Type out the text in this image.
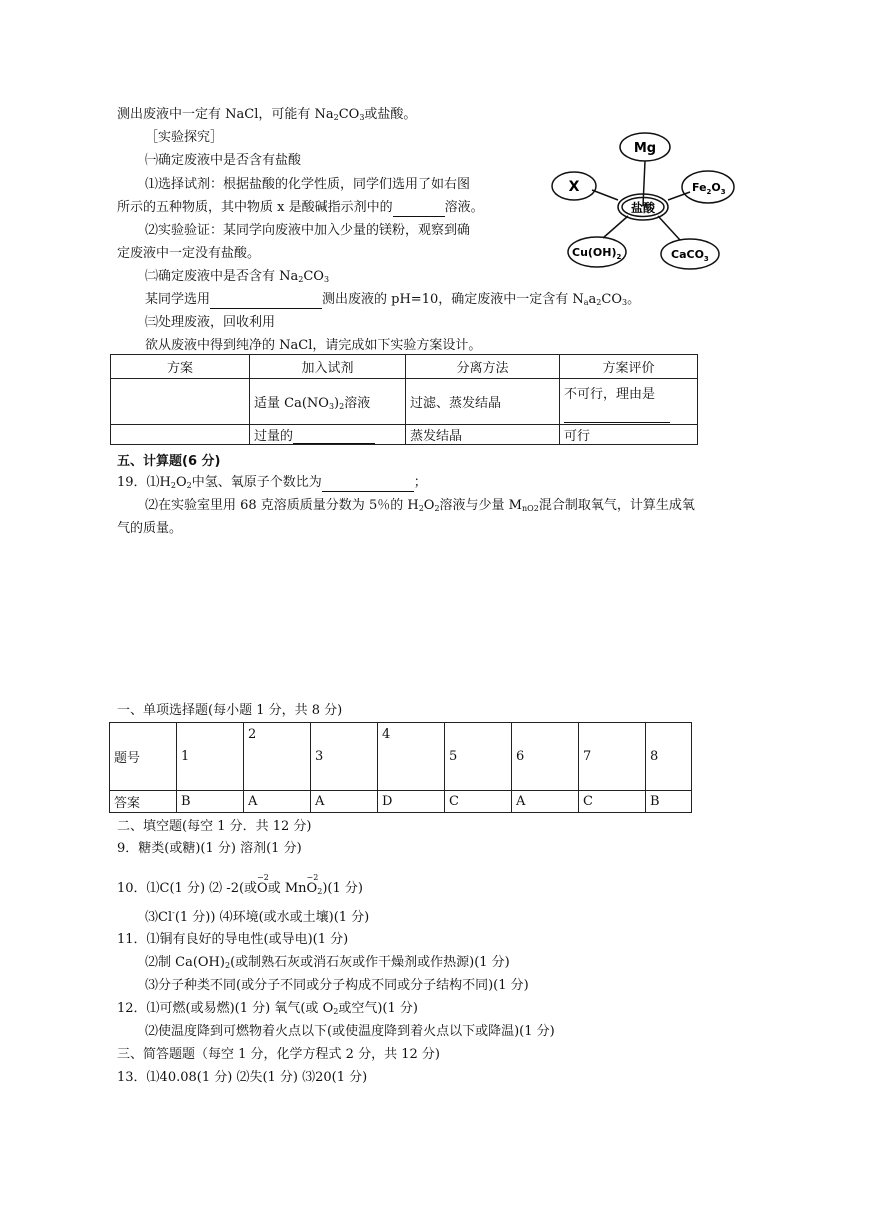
测出废液中一定有 NaCl，可能有 $Na_2CO_3$或盐酸。
［实验探究］
㈠确定废液中是否含有盐酸
⑴选择试剂：根据盐酸的化学性质，同学们选用了如右图
所示的五种物质，其中物质 x 是酸碱指示剂中的	溶液。
⑵实验验证：某同学向废液中加入少量的镁粉，观察到确
定废液中一定没有盐酸。
㈡确定废液中是否含有 $Na_2CO_3$
某同学选用	测出废液的 pH=10，确定废液中一定含有 $N_aa_2CO_3$。
㈢处理废液，回收利用
欲从废液中得到纯净的 NaCl，请完成如下实验方案设计。
Mg
X
盐酸
$Fe_2O_3$
$Cu(OH)_2$	CaCO$_3$
方案	加入试剂	分离方法	方案评价
	适量 $Ca(NO_3)_2$溶液	过滤、蒸发结晶	不可行，理由是

	过量的	蒸发结晶	可行
五、计算题(6 分)
19．$⑴H_2O_2$中氢、氧原子个数比为	；
⑵在实验室里用 68 克溶质质量分数为 5％的 $H_2O_2$溶液与少量 $M_{nO2}$混合制取氧气，计算生成氧
气的质量。
一、单项选择题(每小题 1 分，共 8 分)
题号	1	2	3	4	5	6	7	8
答案	B	A	A	D	C	A	C	B
二、填空题(每空 1 分．共 12 分)
9．糖类(或糖)(1 分) 溶剂(1 分)
10．⑴C(1 分) ⑵ -2(或
−2
O或 Mn
−2
$O_2)(1$ 分)
⑶Cl-(1 分)) ⑷环境(或水或土壤)(1 分)
11．⑴铜有良好的导电性(或导电)(1 分)
⑵制 $Ca(OH)_2$(或制熟石灰或消石灰或作干燥剂或作热源)(1 分)
⑶分子种类不同(或分子不同或分子构成不同或分子结构不同)(1 分)
12．⑴可燃(或易燃)(1 分) 氧气(或 $O_2$或空气)(1 分)
⑵使温度降到可燃物着火点以下(或使温度降到着火点以下或降温)(1 分)
三、简答题题（每空 1 分，化学方程式 2 分，共 12 分)
13．⑴40.08(1 分) ⑵失(1 分) ⑶20(1 分)
